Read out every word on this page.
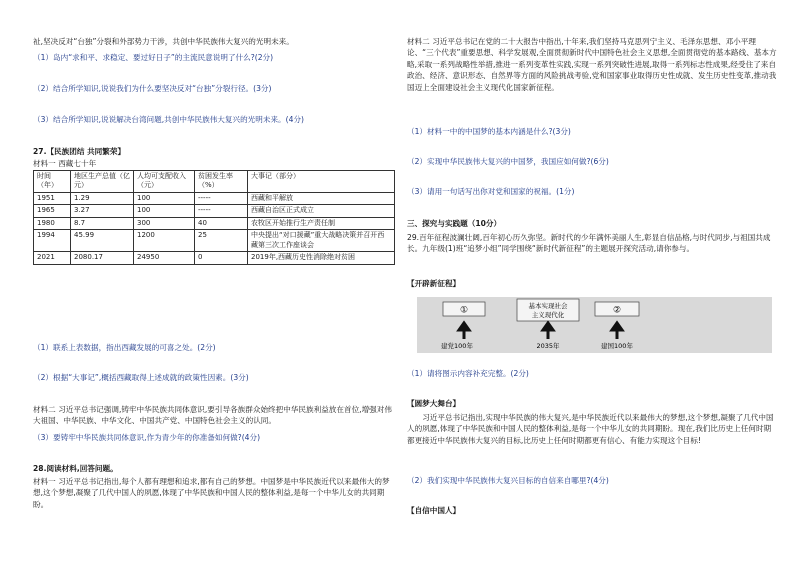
祉,坚决反对“台独”分裂和外部势力干涉，共创中华民族伟大复兴的光明未来。
（1）岛内“求和平、求稳定、要过好日子”的主流民意说明了什么?(2分)
（2）结合所学知识,说说我们为什么要坚决反对“台独”分裂行径。(3分)
（3）结合所学知识,说说解决台湾问题,共创中华民族伟大复兴的光明未来。(4分)
27.【民族团结 共同繁荣】
材料一 西藏七十年
时间（年）	地区生产总值（亿元）	人均可支配收入（元）	贫困发生率（%）	大事记（部分）
1951	1.29	100	-----	西藏和平解放
1965	3.27	100	-----	西藏自治区正式成立
1980	8.7	300	40	农牧区开始推行生产责任制
1994	45.99	1200	25	中央提出“对口援藏”重大战略决策并召开西藏第三次工作座谈会
2021	2080.17	24950	0	2019年,西藏历史性消除绝对贫困
（1）联系上表数据，指出西藏发展的可喜之处。(2分)
（2）根据“大事记”,概括西藏取得上述成就的政策性因素。(3分)
材料二 习近平总书记强调,铸牢中华民族共同体意识,要引导各族群众始终把中华民族利益放在首位,增强对伟大祖国、中华民族、中华文化、中国共产党、中国特色社会主义的认同。
（3）要铸牢中华民族共同体意识,作为青少年的你准备如何做?(4分)
28.阅读材料,回答问题。
材料一 习近平总书记指出,每个人都有理想和追求,都有自己的梦想。中国梦是中华民族近代以来最伟大的梦想,这个梦想,凝聚了几代中国人的夙愿,体现了中华民族和中国人民的整体利益,是每一个中华儿女的共同期盼。
材料二 习近平总书记在党的二十大报告中指出,十年来,我们坚持马克思列宁主义、毛泽东思想、邓小平理论、“三个代表”重要思想、科学发展观,全面贯彻新时代中国特色社会主义思想,全面贯彻党的基本路线、基本方略,采取一系列战略性举措,推进一系列变革性实践,实现一系列突破性进展,取得一系列标志性成果,经受住了来自政治、经济、意识形态、自然界等方面的风险挑战考验,党和国家事业取得历史性成就、发生历史性变革,推动我国迈上全面建设社会主义现代化国家新征程。
（1）材料一中的中国梦的基本内涵是什么?(3分)
（2）实现中华民族伟大复兴的中国梦，我国应如何做?(6分)
（3）请用一句话写出你对党和国家的祝福。(1分)
三、探究与实践题（10分）
29.百年征程波澜壮阔,百年初心历久弥坚。新时代的少年满怀美丽人生,彰显自信品格,与时代同步,与祖国共成长。九年级(1)班“追梦小组”同学围绕“新时代新征程”的主题展开探究活动,请你参与。
【开辟新征程】
①	基本实现社会
主义现代化	②
建党100年	2035年	建国100年
（1）请将图示内容补充完整。(2分)
【圆梦大舞台】
习近平总书记指出,实现中华民族的伟大复兴,是中华民族近代以来最伟大的梦想,这个梦想,凝聚了几代中国人的夙愿,体现了中华民族和中国人民的整体利益,是每一个中华儿女的共同期盼。现在,我们比历史上任何时期都更接近中华民族伟大复兴的目标,比历史上任何时期都更有信心、有能力实现这个目标!
（2）我们实现中华民族伟大复兴目标的自信来自哪里?(4分)
【自信中国人】
